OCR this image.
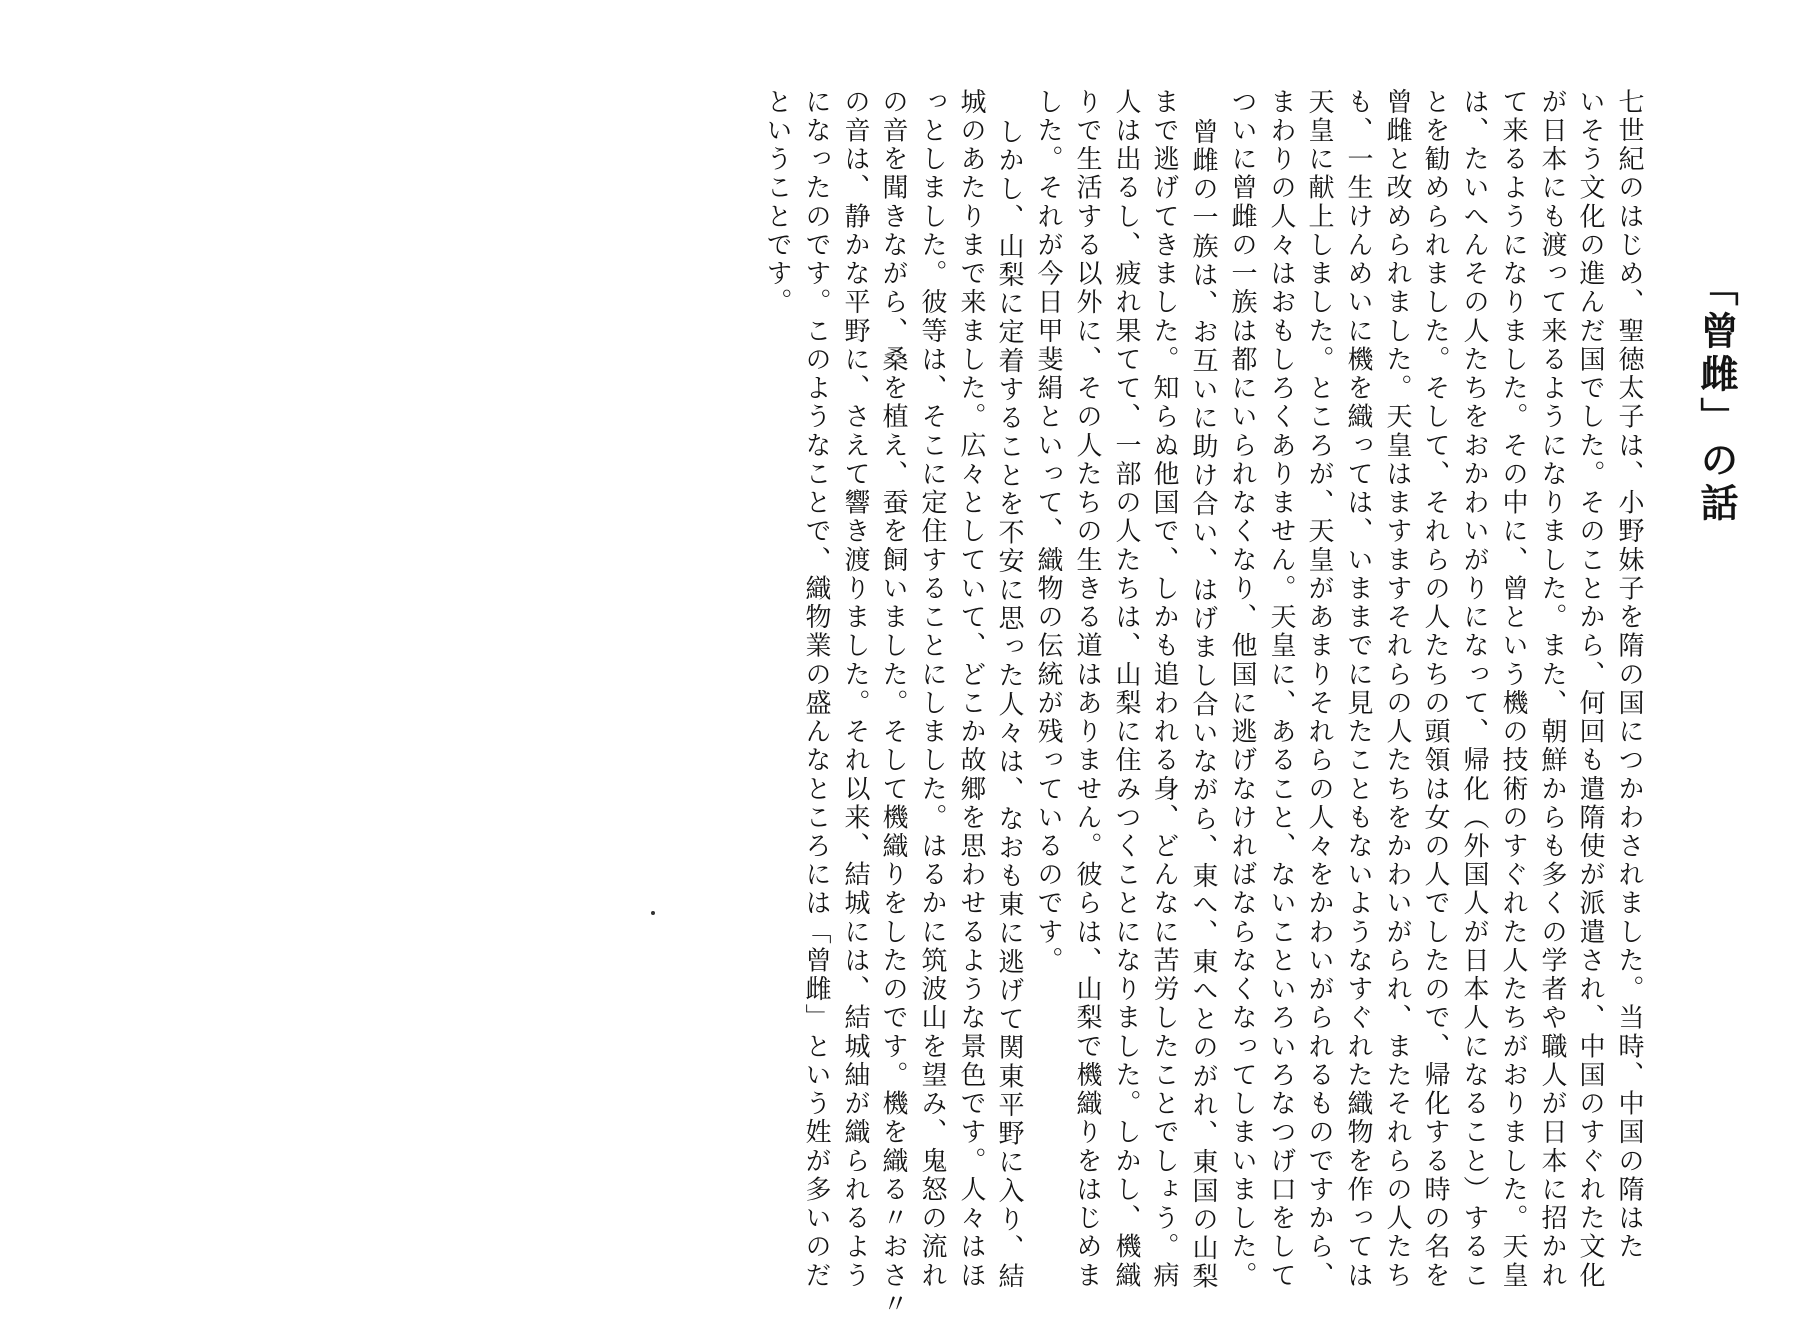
「曾雌」の話
七世紀のはじめ、聖徳太子は、小野妹子を隋の国につかわされました。当時、中国の隋はた
いそう文化の進んだ国でした。そのことから、何回も遣隋使が派遣され、中国のすぐれた文化
が日本にも渡って来るようになりました。また、朝鮮からも多くの学者や職人が日本に招かれ
て来るようになりました。その中に、曾という機の技術のすぐれた人たちがおりました。天皇
は、たいへんその人たちをおかわいがりになって、帰化（外国人が日本人になること）するこ
とを勧められました。そして、それらの人たちの頭領は女の人でしたので、帰化する時の名を
曾雌と改められました。天皇はますますそれらの人たちをかわいがられ、またそれらの人たち
も、一生けんめいに機を織っては、いままでに見たこともないようなすぐれた織物を作っては
天皇に献上しました。ところが、天皇があまりそれらの人々をかわいがられるものですから、
まわりの人々はおもしろくありません。天皇に、あること、ないこといろいろなつげ口をして
ついに曾雌の一族は都にいられなくなり、他国に逃げなければならなくなってしまいました。
曾雌の一族は、お互いに助け合い、はげまし合いながら、東へ、東へとのがれ、東国の山梨
まで逃げてきました。知らぬ他国で、しかも追われる身、どんなに苦労したことでしょう。病
人は出るし、疲れ果てて、一部の人たちは、山梨に住みつくことになりました。しかし、機織
りで生活する以外に、その人たちの生きる道はありません。彼らは、山梨で機織りをはじめま
した。それが今日甲斐絹といって、織物の伝統が残っているのです。
しかし、山梨に定着することを不安に思った人々は、なおも東に逃げて関東平野に入り、結
城のあたりまで来ました。広々としていて、どこか故郷を思わせるような景色です。人々はほ
っとしました。彼等は、そこに定住することにしました。はるかに筑波山を望み、鬼怒の流れ
の音を聞きながら、桑を植え、蚕を飼いました。そして機織りをしたのです。機を織る〃おさ〃
の音は、静かな平野に、さえて響き渡りました。それ以来、結城には、結城紬が織られるよう
になったのです。このようなことで、織物業の盛んなところには「曾雌」という姓が多いのだ
ということです。
